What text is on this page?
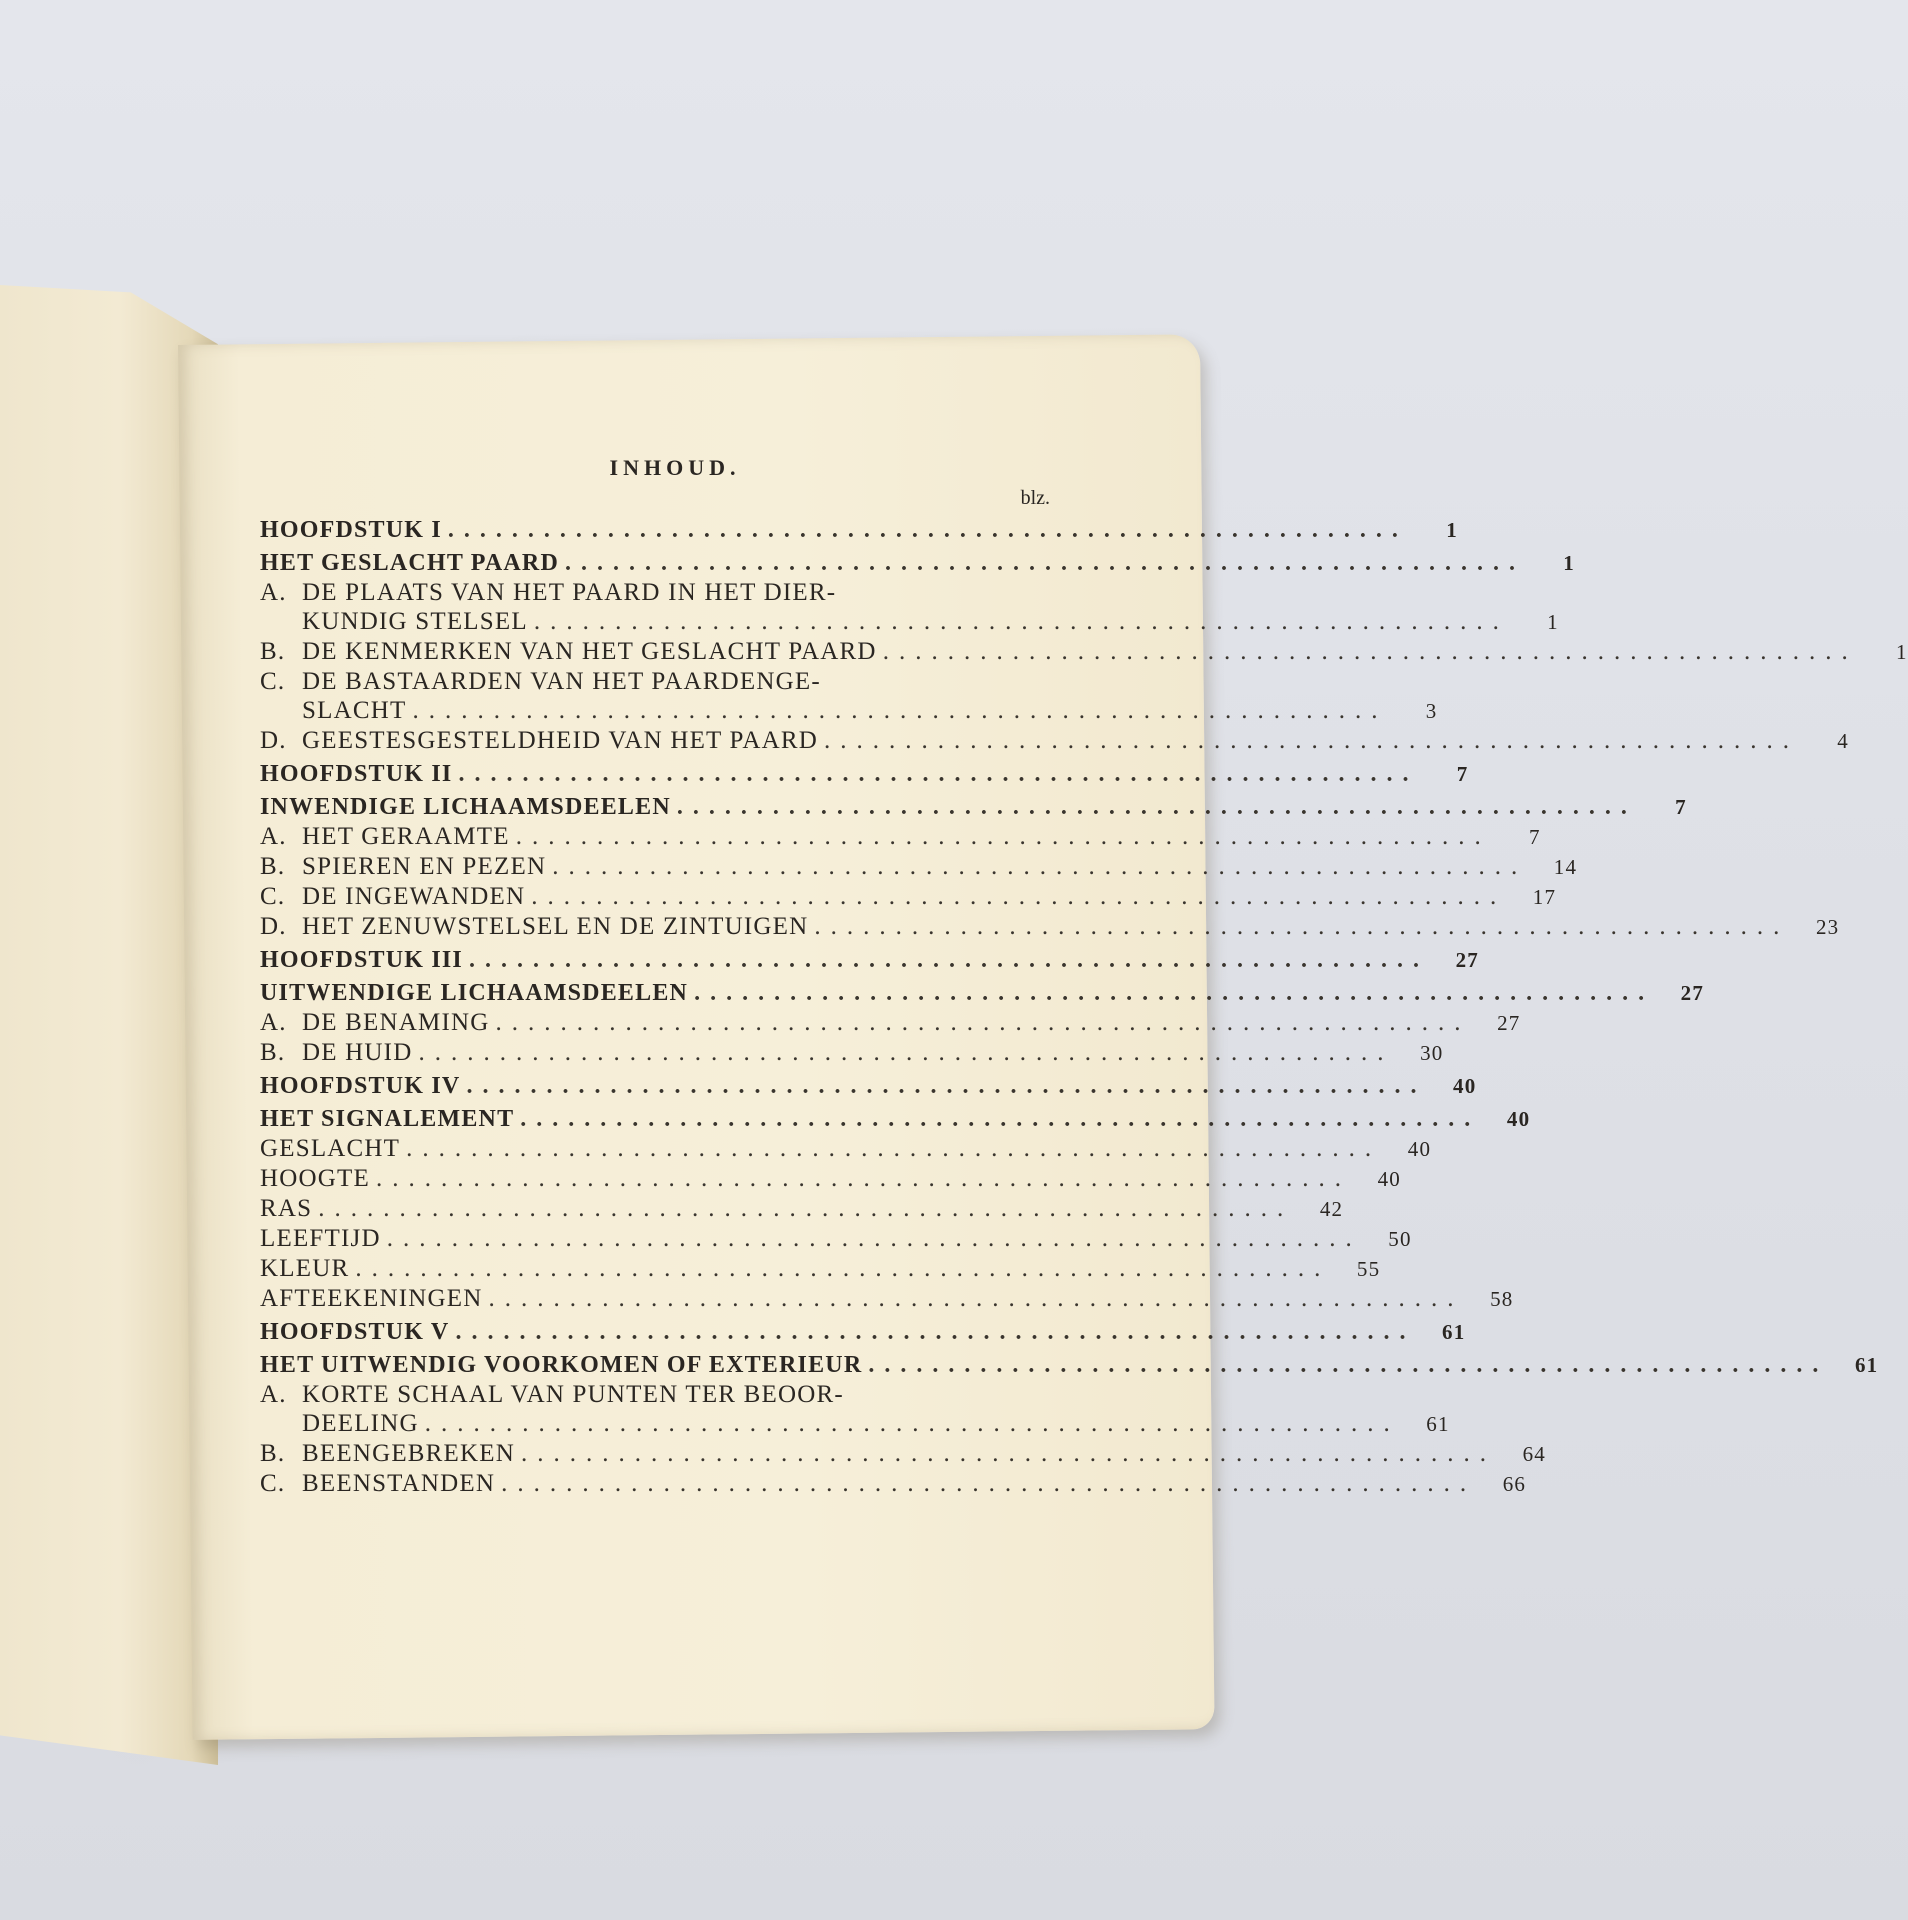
INHOUD.
blz.
HOOFDSTUK I ............................................................	1
HET GESLACHT PAARD ............................................................	1
A. DE PLAATS VAN HET PAARD IN HET DIER-
KUNDIG STELSEL ............................................................	1
B. DE KENMERKEN VAN HET GESLACHT PAARD ............................................................	1
C. DE BASTAARDEN VAN HET PAARDENGE-
SLACHT ............................................................	3
D. GEESTESGESTELDHEID VAN HET PAARD ............................................................	4
HOOFDSTUK II ............................................................	7
INWENDIGE LICHAAMSDEELEN ............................................................	7
A. HET GERAAMTE ............................................................	7
B. SPIEREN EN PEZEN ............................................................	14
C. DE INGEWANDEN ............................................................	17
D. HET ZENUWSTELSEL EN DE ZINTUIGEN ............................................................	23
HOOFDSTUK III ............................................................	27
UITWENDIGE LICHAAMSDEELEN ............................................................	27
A. DE BENAMING ............................................................	27
B. DE HUID ............................................................	30
HOOFDSTUK IV ............................................................	40
HET SIGNALEMENT ............................................................	40
GESLACHT ............................................................	40
HOOGTE ............................................................	40
RAS ............................................................	42
LEEFTIJD ............................................................	50
KLEUR ............................................................	55
AFTEEKENINGEN ............................................................	58
HOOFDSTUK V ............................................................	61
HET UITWENDIG VOORKOMEN OF EXTERIEUR ............................................................	61
A. KORTE SCHAAL VAN PUNTEN TER BEOOR-
DEELING ............................................................	61
B. BEENGEBREKEN ............................................................	64
C. BEENSTANDEN ............................................................	66
